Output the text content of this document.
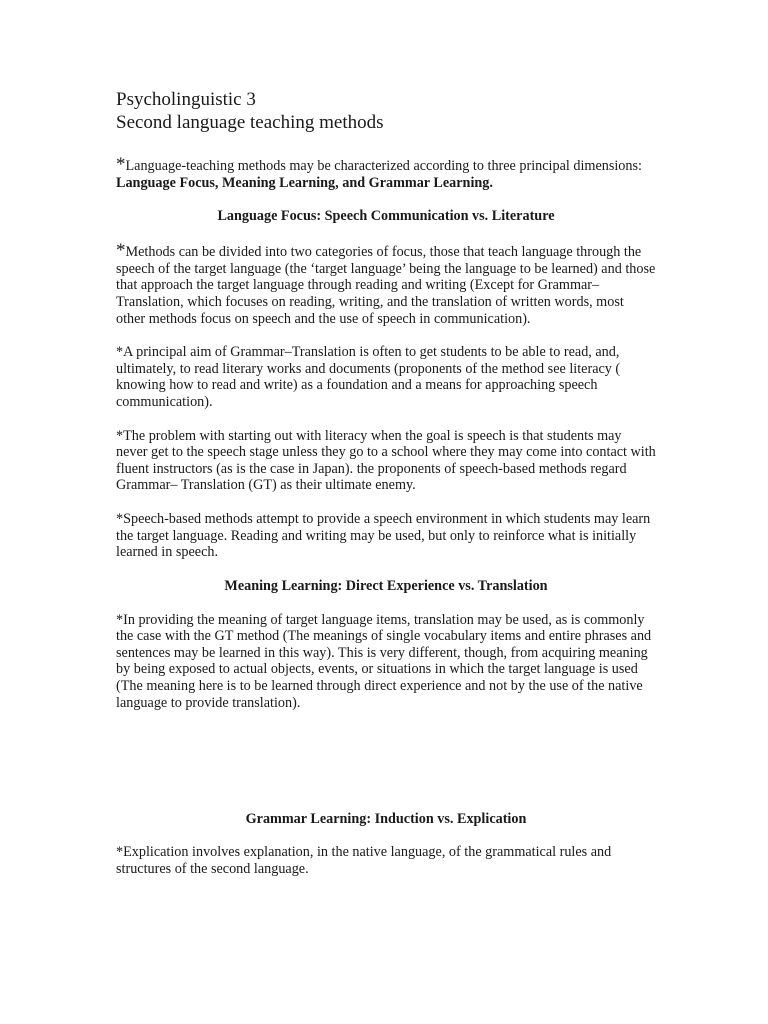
Psycholinguistic 3
Second language teaching methods

*Language-teaching methods may be characterized according to three principal dimensions: Language Focus, Meaning Learning, and Grammar Learning.

Language Focus: Speech Communication vs. Literature

*Methods can be divided into two categories of focus, those that teach language through the speech of the target language (the ‘target language’ being the language to be learned) and those that approach the target language through reading and writing (Except for Grammar–Translation, which focuses on reading, writing, and the translation of written words, most other methods focus on speech and the use of speech in communication).

*A principal aim of Grammar–Translation is often to get students to be able to read, and, ultimately, to read literary works and documents (proponents of the method see literacy ( knowing how to read and write) as a foundation and a means for approaching speech communication).

*The problem with starting out with literacy when the goal is speech is that students may never get to the speech stage unless they go to a school where they may come into contact with fluent instructors (as is the case in Japan). the proponents of speech-based methods regard Grammar– Translation (GT) as their ultimate enemy.

*Speech-based methods attempt to provide a speech environment in which students may learn the target language. Reading and writing may be used, but only to reinforce what is initially learned in speech.

Meaning Learning: Direct Experience vs. Translation

*In providing the meaning of target language items, translation may be used, as is commonly the case with the GT method (The meanings of single vocabulary items and entire phrases and sentences may be learned in this way). This is very different, though, from acquiring meaning by being exposed to actual objects, events, or situations in which the target language is used (The meaning here is to be learned through direct experience and not by the use of the native language to provide translation).

Grammar Learning: Induction vs. Explication

*Explication involves explanation, in the native language, of the grammatical rules and structures of the second language.
